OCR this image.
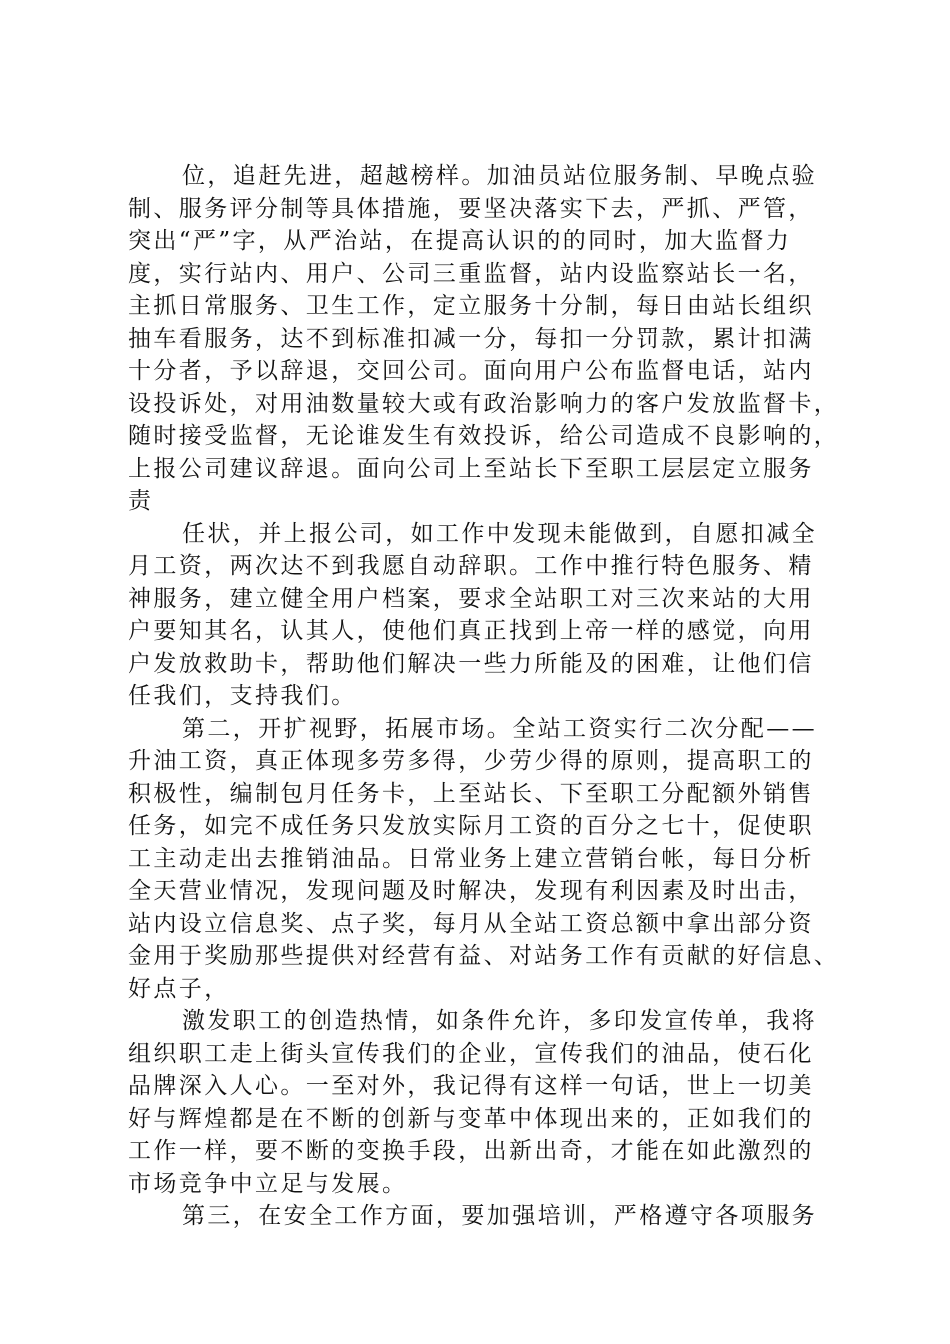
位，追赶先进，超越榜样。加油员站位服务制、早晚点验
制、服务评分制等具体措施，要坚决落实下去，严抓、严管，
突出“严”字，从严治站，在提高认识的的同时，加大监督力
度，实行站内、用户、公司三重监督，站内设监察站长一名，
主抓日常服务、卫生工作，定立服务十分制，每日由站长组织
抽车看服务，达不到标准扣减一分，每扣一分罚款，累计扣满
十分者，予以辞退，交回公司。面向用户公布监督电话，站内
设投诉处，对用油数量较大或有政治影响力的客户发放监督卡，
随时接受监督，无论谁发生有效投诉，给公司造成不良影响的，
上报公司建议辞退。面向公司上至站长下至职工层层定立服务
责
任状，并上报公司，如工作中发现未能做到，自愿扣减全
月工资，两次达不到我愿自动辞职。工作中推行特色服务、精
神服务，建立健全用户档案，要求全站职工对三次来站的大用
户要知其名，认其人，使他们真正找到上帝一样的感觉，向用
户发放救助卡，帮助他们解决一些力所能及的困难，让他们信
任我们，支持我们。
第二，开扩视野，拓展市场。全站工资实行二次分配——
升油工资，真正体现多劳多得，少劳少得的原则，提高职工的
积极性，编制包月任务卡，上至站长、下至职工分配额外销售
任务，如完不成任务只发放实际月工资的百分之七十，促使职
工主动走出去推销油品。日常业务上建立营销台帐，每日分析
全天营业情况，发现问题及时解决，发现有利因素及时出击，
站内设立信息奖、点子奖，每月从全站工资总额中拿出部分资
金用于奖励那些提供对经营有益、对站务工作有贡献的好信息、
好点子，
激发职工的创造热情，如条件允许，多印发宣传单，我将
组织职工走上街头宣传我们的企业，宣传我们的油品，使石化
品牌深入人心。一至对外，我记得有这样一句话，世上一切美
好与辉煌都是在不断的创新与变革中体现出来的，正如我们的
工作一样，要不断的变换手段，出新出奇，才能在如此激烈的
市场竞争中立足与发展。
第三，在安全工作方面，要加强培训，严格遵守各项服务
